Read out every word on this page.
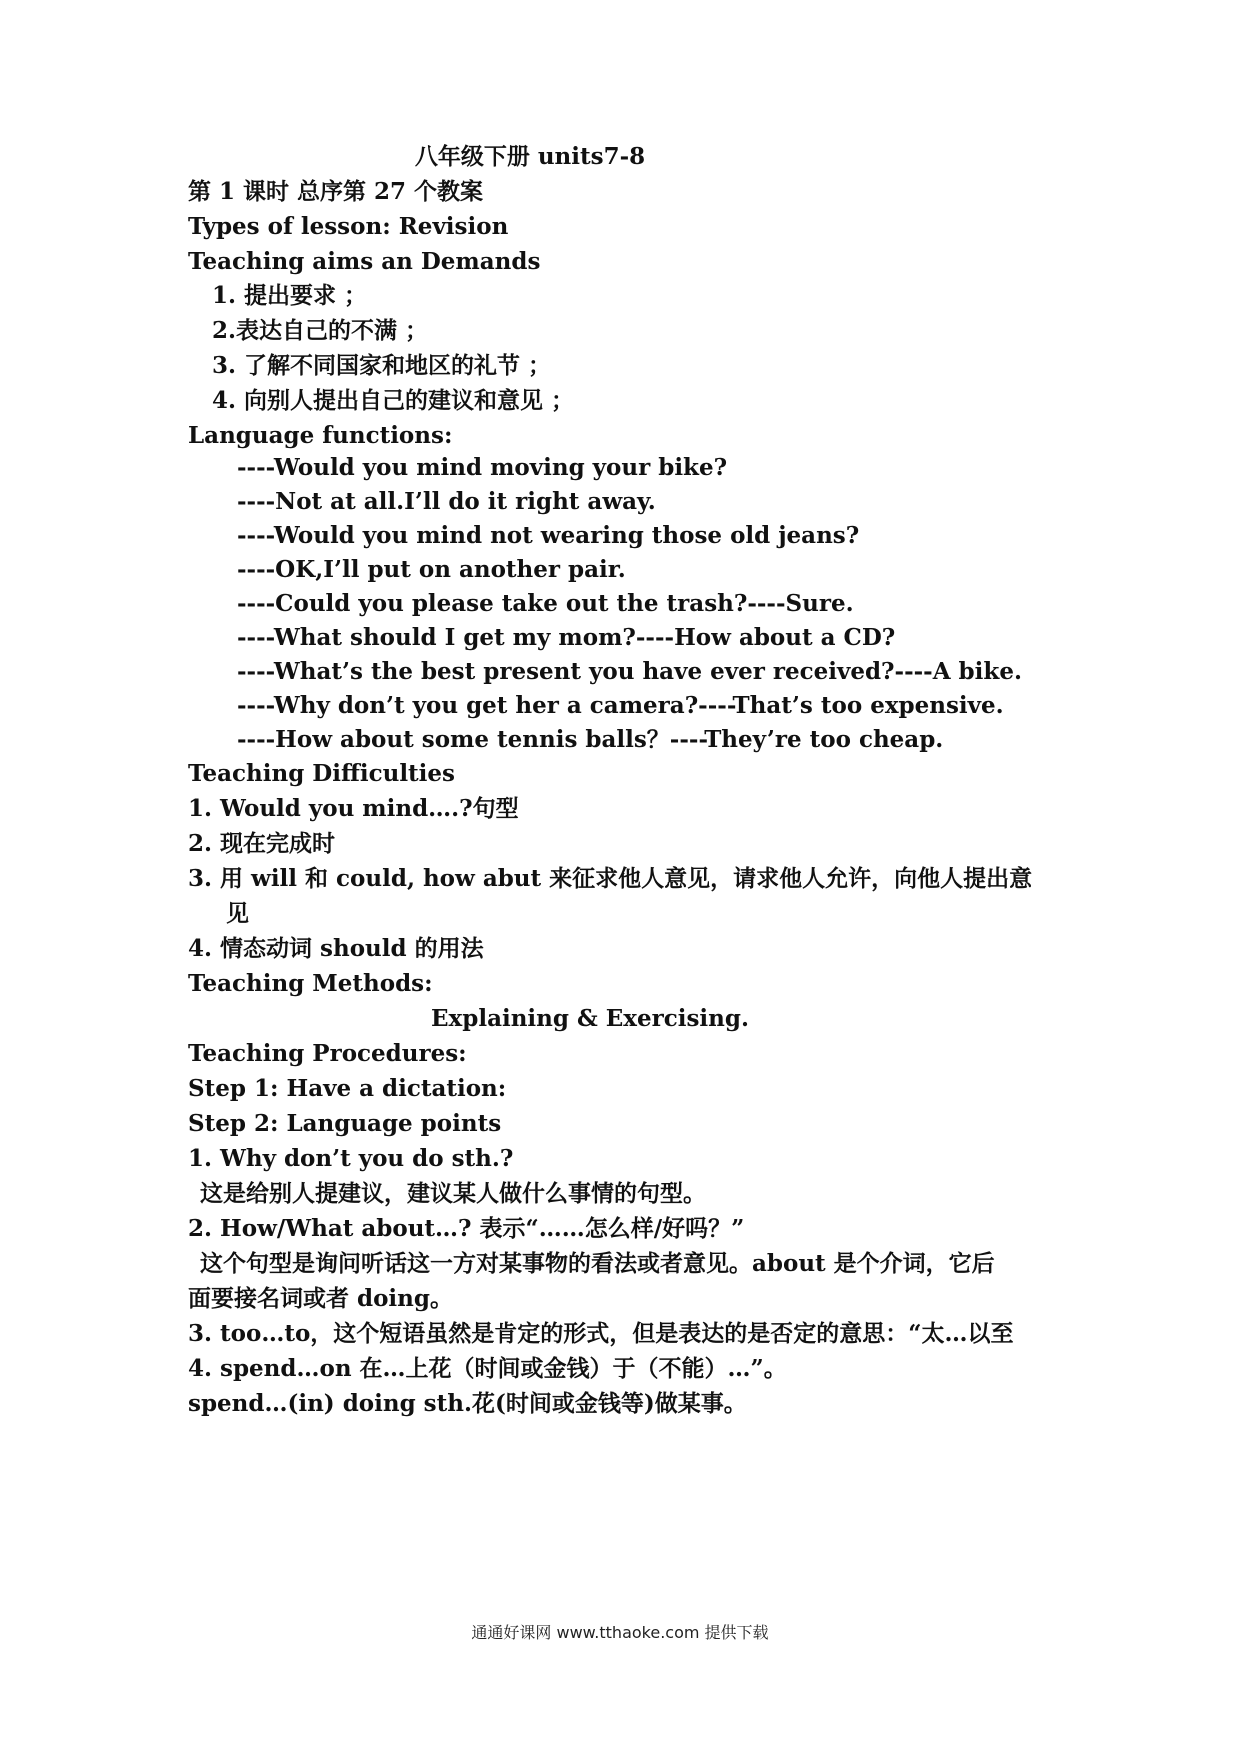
八年级下册 units7-8
第 1 课时 总序第 27 个教案
Types of lesson: Revision
Teaching aims an Demands
1. 提出要求 ；
2.表达自己的不满 ；
3. 了解不同国家和地区的礼节 ；
4. 向别人提出自己的建议和意见 ；
Language functions:
----Would you mind moving your bike?
----Not at all.I’ll do it right away.
----Would you mind not wearing those old jeans?
----OK,I’ll put on another pair.
----Could you please take out the trash?----Sure.
----What should I get my mom?----How about a CD?
----What’s the best present you have ever received?----A bike.
----Why don’t you get her a camera?----That’s too expensive.
----How about some tennis balls？----They’re too cheap.
Teaching Difficulties
1. Would you mind….?句型
2. 现在完成时
3. 用 will 和 could, how abut 来征求他人意见，请求他人允许，向他人提出意
见
4. 情态动词 should 的用法
Teaching Methods:
Explaining & Exercising.
Teaching Procedures:
Step 1: Have a dictation:
Step 2: Language points
1. Why don’t you do sth.?
这是给别人提建议，建议某人做什么事情的句型。
2. How/What about…? 表示“……怎么样/好吗？”
这个句型是询问听话这一方对某事物的看法或者意见。about 是个介词，它后
面要接名词或者 doing。
3. too…to，这个短语虽然是肯定的形式，但是表达的是否定的意思：“太…以至
4. spend…on 在…上花（时间或金钱）于（不能）…”。
spend…(in) doing sth.花(时间或金钱等)做某事。
通通好课网 www.tthaoke.com 提供下载
